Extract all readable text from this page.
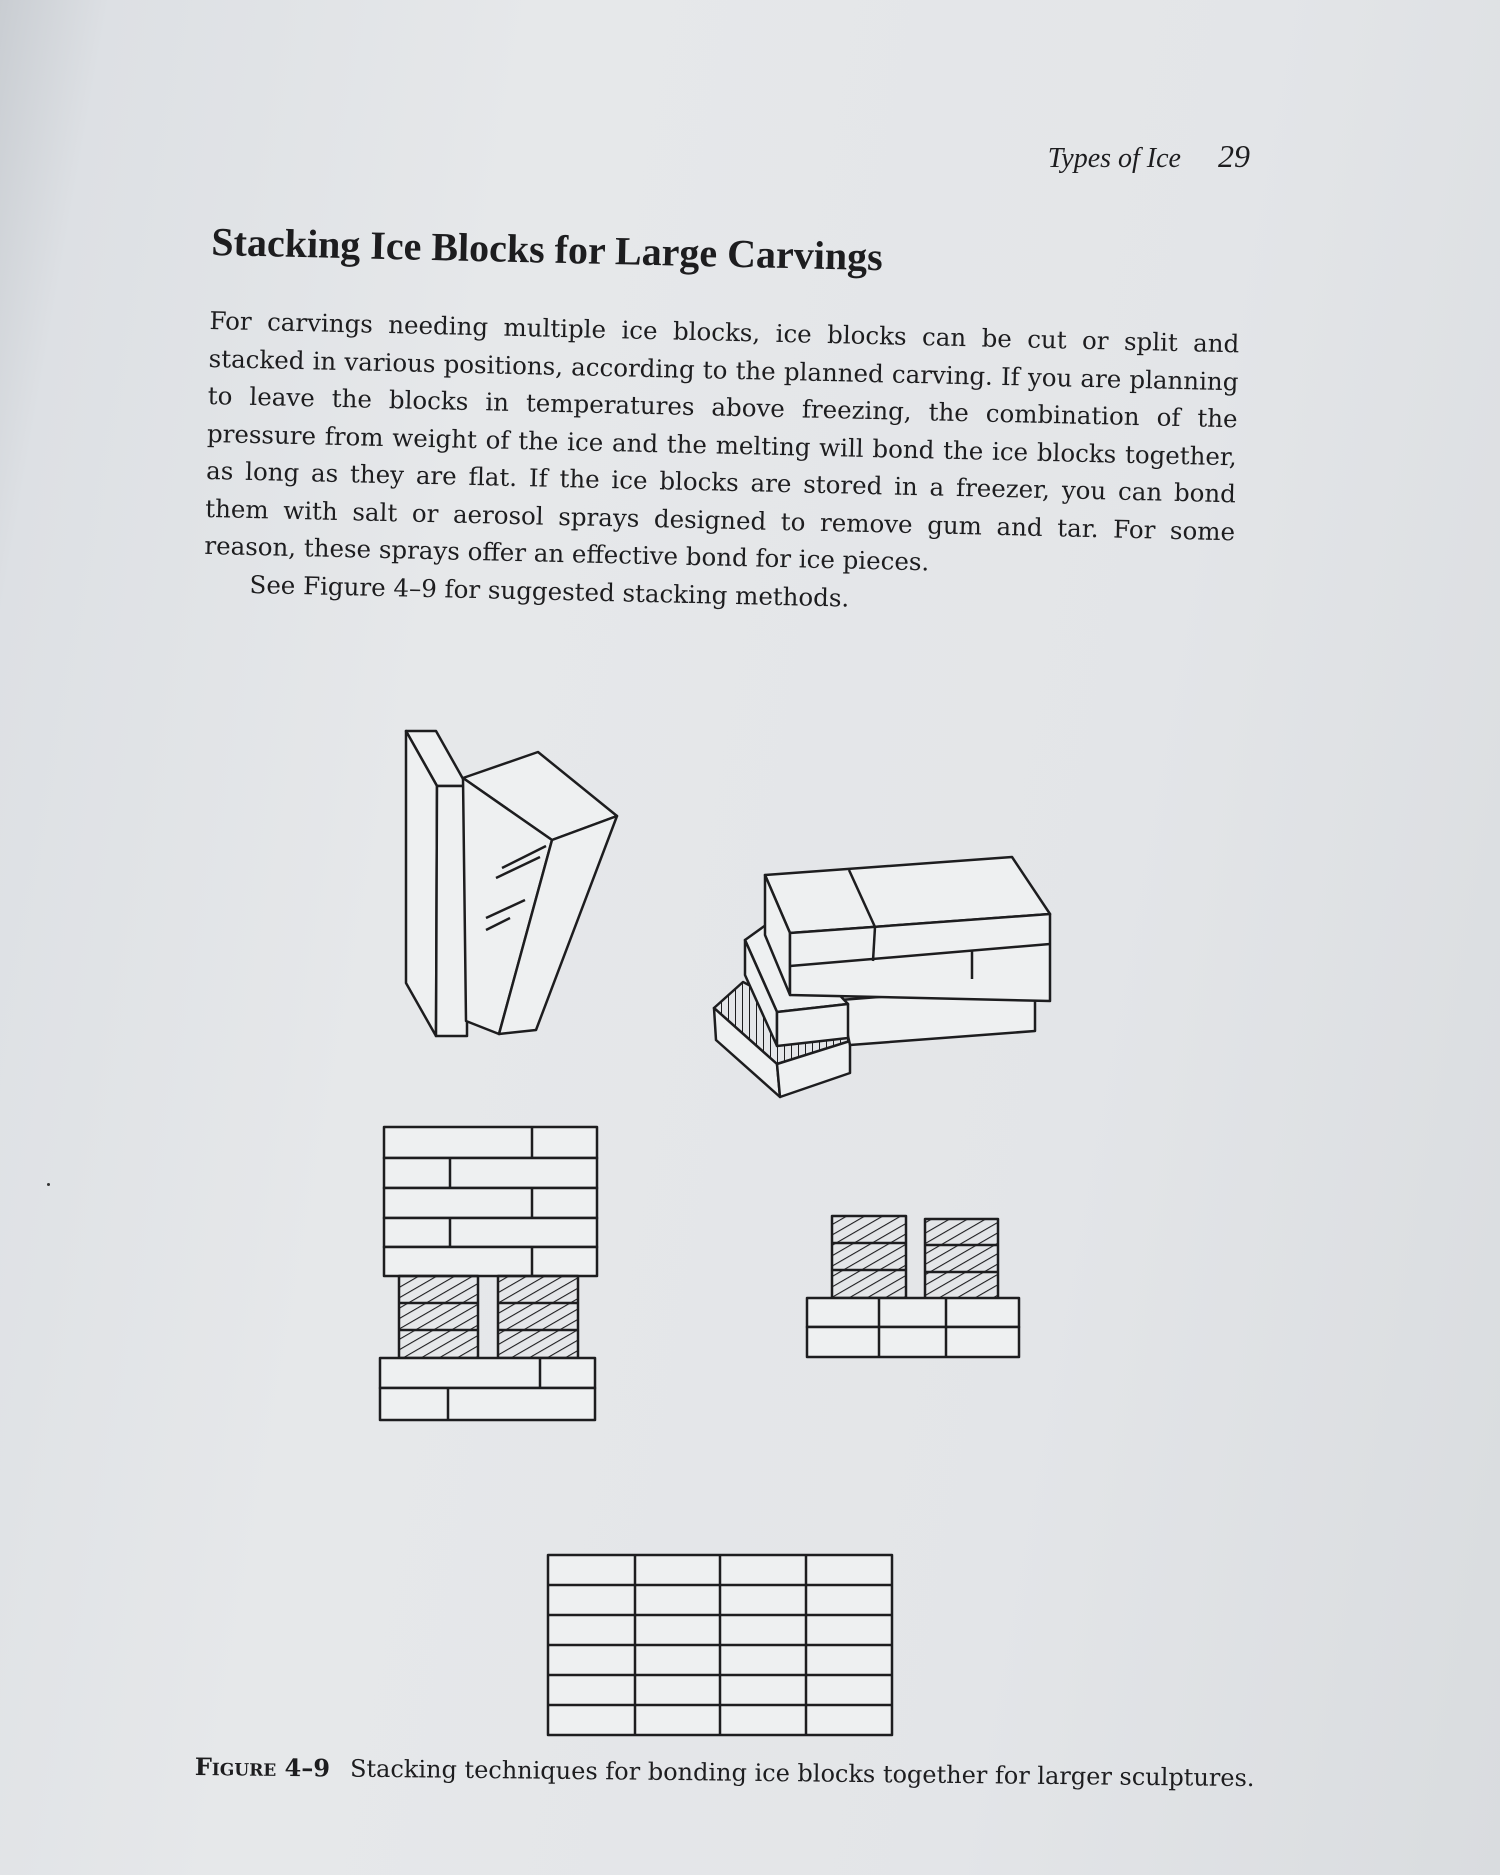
Types of Ice 29
Stacking Ice Blocks for Large Carvings

For carvings needing multiple ice blocks, ice blocks can be cut or split and stacked in various positions, according to the planned carving. If you are planning to leave the blocks in temperatures above freezing, the combination of the pressure from weight of the ice and the melting will bond the ice blocks together, as long as they are flat. If the ice blocks are stored in a freezer, you can bond them with salt or aerosol sprays designed to remove gum and tar. For some reason, these sprays offer an effective bond for ice pieces.

See Figure 4–9 for suggested stacking methods.

Figure 4–9 Stacking techniques for bonding ice blocks together for larger sculptures.
